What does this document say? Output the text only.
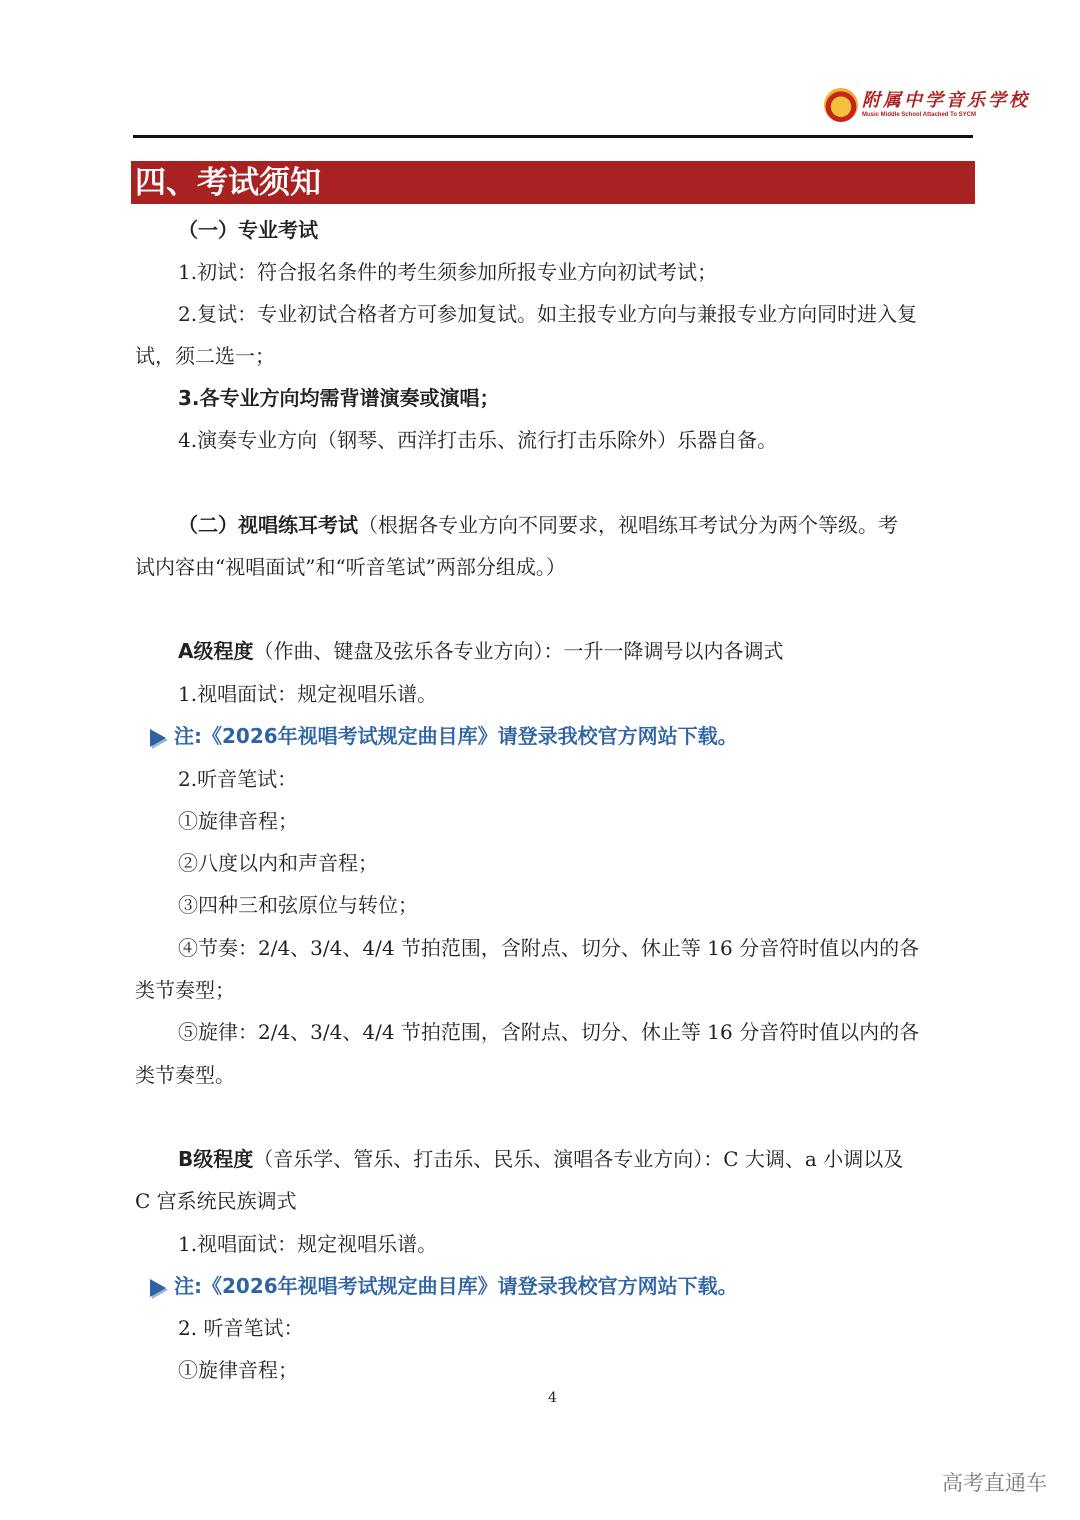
附属中学音乐学校
Music Middle School Attached To SYCM
四、考试须知
（一）专业考试
1.初试：符合报名条件的考生须参加所报专业方向初试考试；
2.复试：专业初试合格者方可参加复试。如主报专业方向与兼报专业方向同时进入复
试，须二选一；
3.各专业方向均需背谱演奏或演唱；
4.演奏专业方向（钢琴、西洋打击乐、流行打击乐除外）乐器自备。
（二）视唱练耳考试（根据各专业方向不同要求，视唱练耳考试分为两个等级。考
试内容由“视唱面试”和“听音笔试”两部分组成。）
A级程度（作曲、键盘及弦乐各专业方向）：一升一降调号以内各调式
1.视唱面试：规定视唱乐谱。
注:《2026年视唱考试规定曲目库》请登录我校官方网站下载。
2.听音笔试：
①旋律音程；
②八度以内和声音程；
③四种三和弦原位与转位；
④节奏：2/4、3/4、4/4 节拍范围，含附点、切分、休止等 16 分音符时值以内的各
类节奏型；
⑤旋律：2/4、3/4、4/4 节拍范围，含附点、切分、休止等 16 分音符时值以内的各
类节奏型。
B级程度（音乐学、管乐、打击乐、民乐、演唱各专业方向）：C 大调、a 小调以及
C 宫系统民族调式
1.视唱面试：规定视唱乐谱。
注:《2026年视唱考试规定曲目库》请登录我校官方网站下载。
2. 听音笔试：
①旋律音程；
4
高考直通车
